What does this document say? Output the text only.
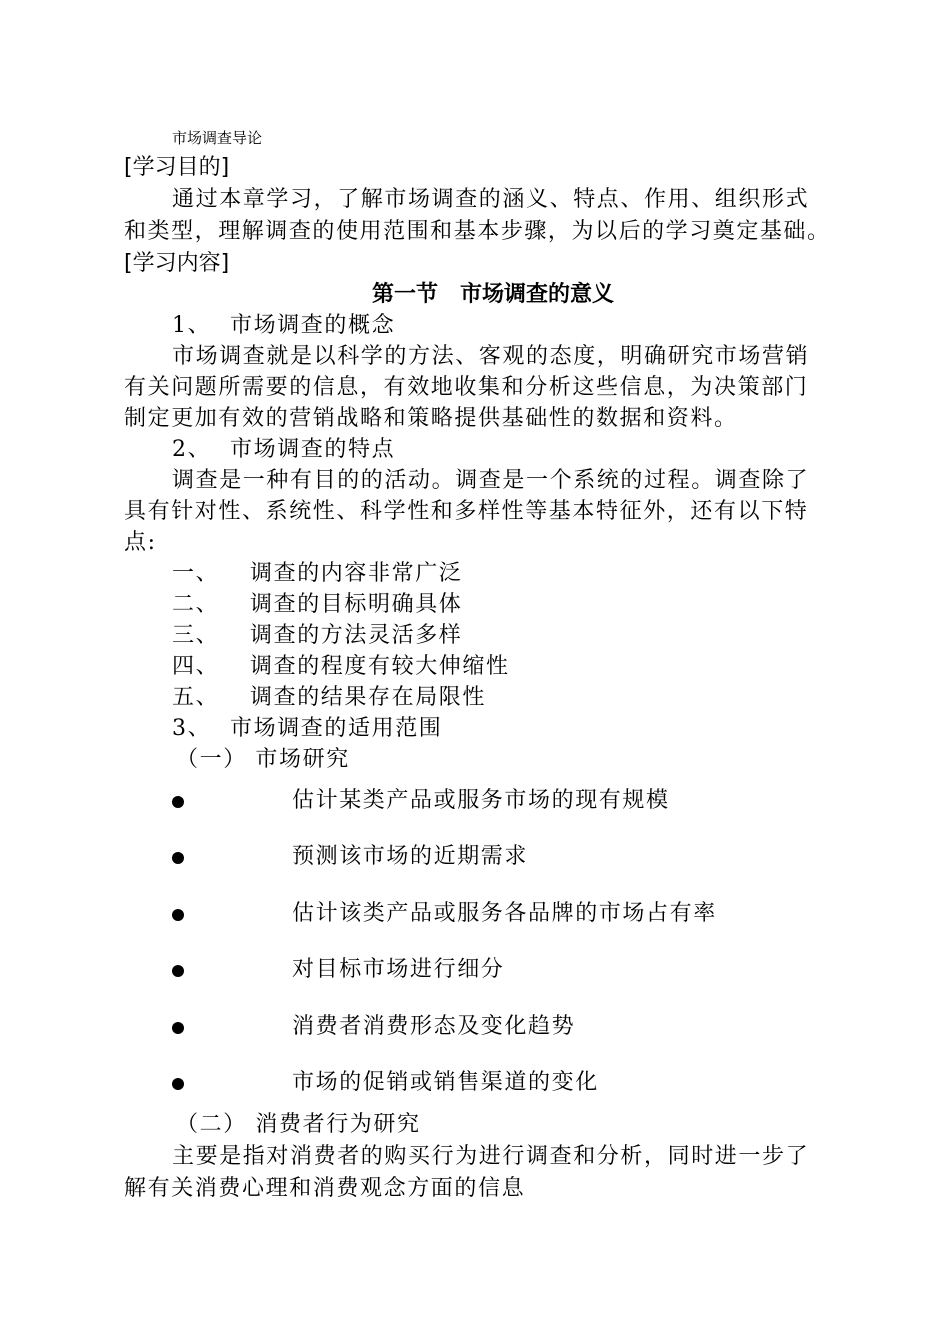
市场调查导论
[学习目的]
通过本章学习，了解市场调查的涵义、特点、作用、组织形式
和类型，理解调查的使用范围和基本步骤，为以后的学习奠定基础。
[学习内容]
第一节　市场调查的意义
1、 市场调查的概念
市场调查就是以科学的方法、客观的态度，明确研究市场营销
有关问题所需要的信息，有效地收集和分析这些信息，为决策部门
制定更加有效的营销战略和策略提供基础性的数据和资料。
2、 市场调查的特点
调查是一种有目的的活动。调查是一个系统的过程。调查除了
具有针对性、系统性、科学性和多样性等基本特征外，还有以下特
点:
一、 调查的内容非常广泛
二、 调查的目标明确具体
三、 调查的方法灵活多样
四、 调查的程度有较大伸缩性
五、 调查的结果存在局限性
3、 市场调查的适用范围
（一） 市场研究
估计某类产品或服务市场的现有规模
预测该市场的近期需求
估计该类产品或服务各品牌的市场占有率
对目标市场进行细分
消费者消费形态及变化趋势
市场的促销或销售渠道的变化
（二） 消费者行为研究
主要是指对消费者的购买行为进行调查和分析，同时进一步了
解有关消费心理和消费观念方面的信息
